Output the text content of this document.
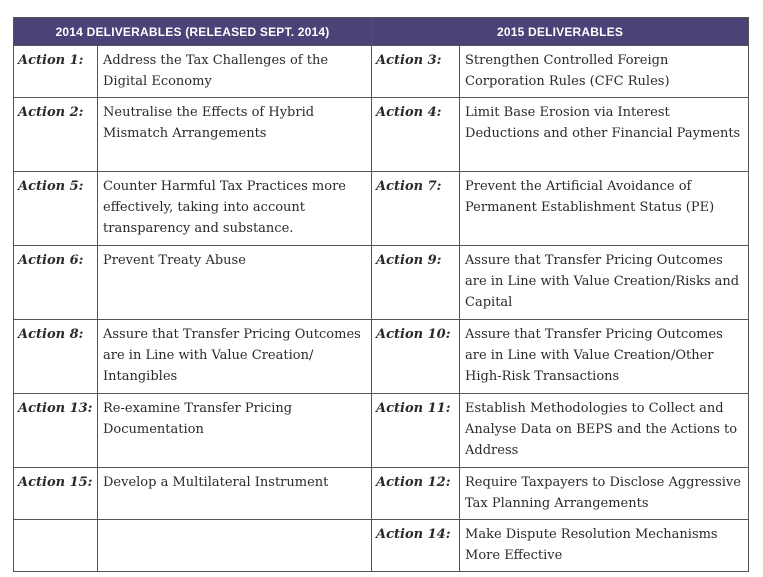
2014 DELIVERABLES (RELEASED SEPT. 2014)		2015 DELIVERABLES	
Action 1:	Address the Tax Challenges of the Digital Economy	Action 3:	Strengthen Controlled Foreign Corporation Rules (CFC Rules)
Action 2:	Neutralise the Effects of Hybrid Mismatch Arrangements	Action 4:	Limit Base Erosion via Interest Deductions and other Financial Payments
Action 5:	Counter Harmful Tax Practices more effectively, taking into account transparency and substance.	Action 7:	Prevent the Artificial Avoidance of Permanent Establishment Status (PE)
Action 6:	Prevent Treaty Abuse	Action 9:	Assure that Transfer Pricing Outcomes are in Line with Value Creation/Risks and Capital
Action 8:	Assure that Transfer Pricing Outcomes are in Line with Value Creation/ Intangibles	Action 10:	Assure that Transfer Pricing Outcomes are in Line with Value Creation/Other High-Risk Transactions
Action 13:	Re-examine Transfer Pricing Documentation	Action 11:	Establish Methodologies to Collect and Analyse Data on BEPS and the Actions to Address
Action 15:	Develop a Multilateral Instrument	Action 12:	Require Taxpayers to Disclose Aggressive Tax Planning Arrangements
		Action 14:	Make Dispute Resolution Mechanisms More Effective
